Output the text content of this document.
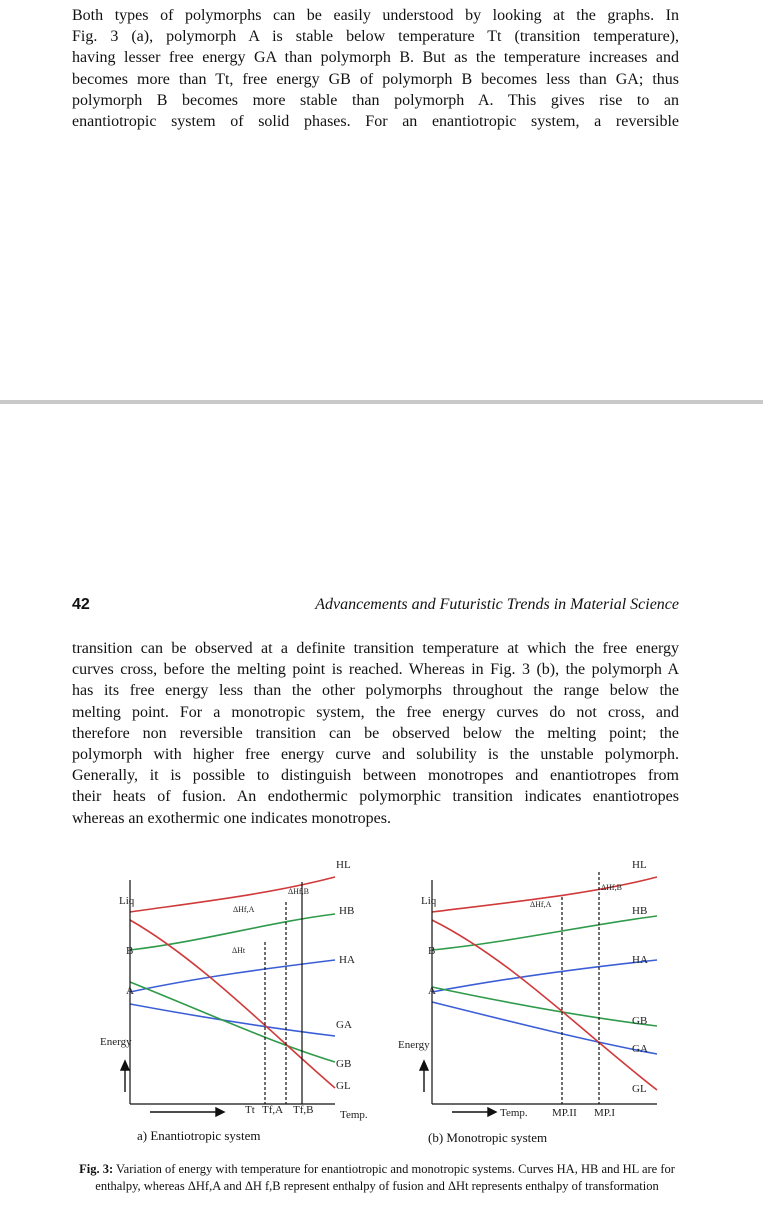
Both types of polymorphs can be easily understood by looking at the graphs. In
Fig. 3 (a), polymorph A is stable below temperature Tt (transition temperature),
having lesser free energy GA than polymorph B. But as the temperature increases and
becomes more than Tt, free energy GB of polymorph B becomes less than GA; thus
polymorph B becomes more stable than polymorph A. This gives rise to an
enantiotropic system of solid phases. For an enantiotropic system, a reversible
42	Advancements and Futuristic Trends in Material Science
transition can be observed at a definite transition temperature at which the free energy
curves cross, before the melting point is reached. Whereas in Fig. 3 (b), the polymorph A
has its free energy less than the other polymorphs throughout the range below the
melting point. For a monotropic system, the free energy curves do not cross, and
therefore non reversible transition can be observed below the melting point; the
polymorph with higher free energy curve and solubility is the unstable polymorph.
Generally, it is possible to distinguish between monotropes and enantiotropes from
their heats of fusion. An endothermic polymorphic transition indicates enantiotropes
whereas an exothermic one indicates monotropes.
Liq
B
A
Energy
HL
HB
HA
GA
GB
GL
ΔHf,B
ΔHf,A
ΔHt
Tt Tf,A Tf,B Temp.
a) Enantiotropic system
Liq
B
A
Energy
HL
HB
HA
GB
GA
GL
ΔHf,B
ΔHf,A
Temp. MP.II MP.I
(b) Monotropic system
Fig. 3: Variation of energy with temperature for enantiotropic and monotropic systems. Curves HA, HB and HL are for enthalpy, whereas ΔHf,A and ΔH f,B represent enthalpy of fusion and ΔHt represents enthalpy of transformation
